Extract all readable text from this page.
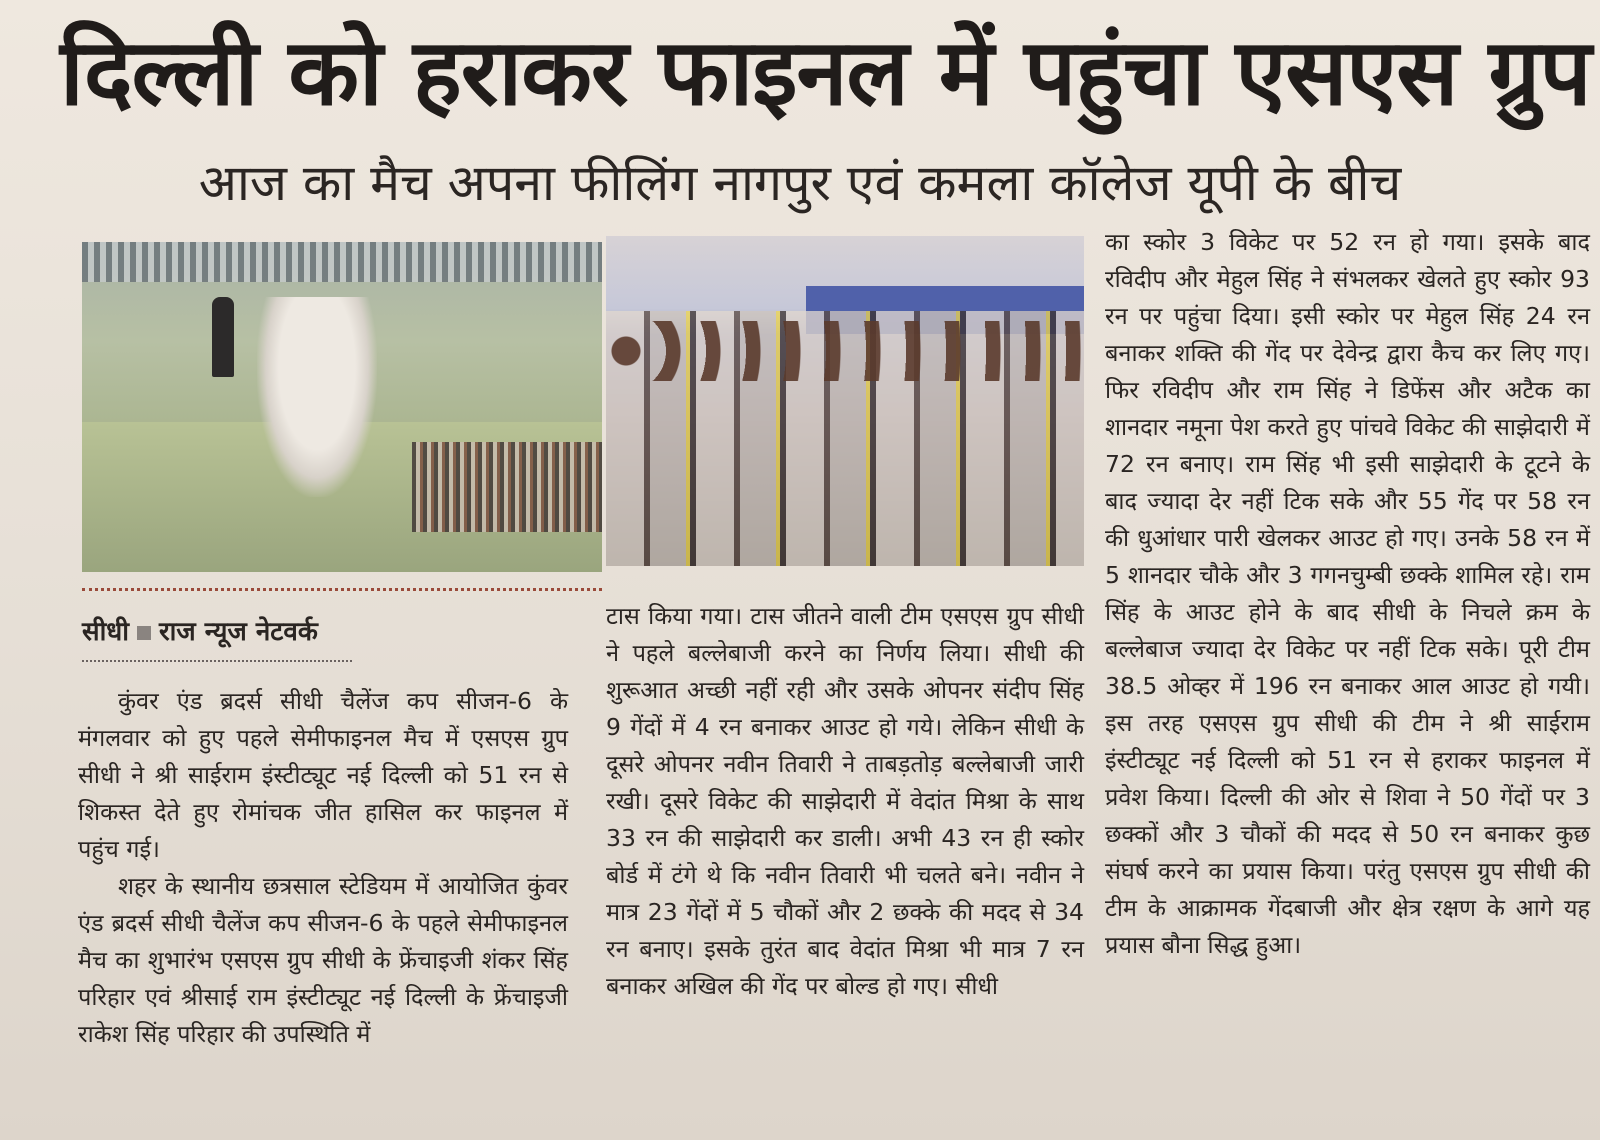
दिल्ली को हराकर फाइनल में पहुंचा एसएस ग्रुप
आज का मैच अपना फीलिंग नागपुर एवं कमला कॉलेज यूपी के बीच
सीधी राज न्यूज नेटवर्क

कुंवर एंड ब्रदर्स सीधी चैलेंज कप सीजन-6 के मंगलवार को हुए पहले सेमीफाइनल मैच में एसएस ग्रुप सीधी ने श्री साईराम इंस्टीट्यूट नई दिल्ली को 51 रन से शिकस्त देते हुए रोमांचक जीत हासिल कर फाइनल में पहुंच गई।

शहर के स्थानीय छत्रसाल स्टेडियम में आयोजित कुंवर एंड ब्रदर्स सीधी चैलेंज कप सीजन-6 के पहले सेमीफाइनल मैच का शुभारंभ एसएस ग्रुप सीधी के फ्रेंचाइजी शंकर सिंह परिहार एवं श्रीसाई राम इंस्टीट्यूट नई दिल्ली के फ्रेंचाइजी राकेश सिंह परिहार की उपस्थिति में

टास किया गया। टास जीतने वाली टीम एसएस ग्रुप सीधी ने पहले बल्लेबाजी करने का निर्णय लिया। सीधी की शुरूआत अच्छी नहीं रही और उसके ओपनर संदीप सिंह 9 गेंदों में 4 रन बनाकर आउट हो गये। लेकिन सीधी के दूसरे ओपनर नवीन तिवारी ने ताबड़तोड़ बल्लेबाजी जारी रखी। दूसरे विकेट की साझेदारी में वेदांत मिश्रा के साथ 33 रन की साझेदारी कर डाली। अभी 43 रन ही स्कोर बोर्ड में टंगे थे कि नवीन तिवारी भी चलते बने। नवीन ने मात्र 23 गेंदों में 5 चौकों और 2 छक्के की मदद से 34 रन बनाए। इसके तुरंत बाद वेदांत मिश्रा भी मात्र 7 रन बनाकर अखिल की गेंद पर बोल्ड हो गए। सीधी

का स्कोर 3 विकेट पर 52 रन हो गया। इसके बाद रविदीप और मेहुल सिंह ने संभलकर खेलते हुए स्कोर 93 रन पर पहुंचा दिया। इसी स्कोर पर मेहुल सिंह 24 रन बनाकर शक्ति की गेंद पर देवेन्द्र द्वारा कैच कर लिए गए। फिर रविदीप और राम सिंह ने डिफेंस और अटैक का शानदार नमूना पेश करते हुए पांचवे विकेट की साझेदारी में 72 रन बनाए। राम सिंह भी इसी साझेदारी के टूटने के बाद ज्यादा देर नहीं टिक सके और 55 गेंद पर 58 रन की धुआंधार पारी खेलकर आउट हो गए। उनके 58 रन में 5 शानदार चौके और 3 गगनचुम्बी छक्के शामिल रहे। राम सिंह के आउट होने के बाद सीधी के निचले क्रम के बल्लेबाज ज्यादा देर विकेट पर नहीं टिक सके। पूरी टीम 38.5 ओव्हर में 196 रन बनाकर आल आउट हो गयी। इस तरह एसएस ग्रुप सीधी की टीम ने श्री साईराम इंस्टीट्यूट नई दिल्ली को 51 रन से हराकर फाइनल में प्रवेश किया। दिल्ली की ओर से शिवा ने 50 गेंदों पर 3 छक्कों और 3 चौकों की मदद से 50 रन बनाकर कुछ संघर्ष करने का प्रयास किया। परंतु एसएस ग्रुप सीधी की टीम के आक्रामक गेंदबाजी और क्षेत्र रक्षण के आगे यह प्रयास बौना सिद्ध हुआ।
